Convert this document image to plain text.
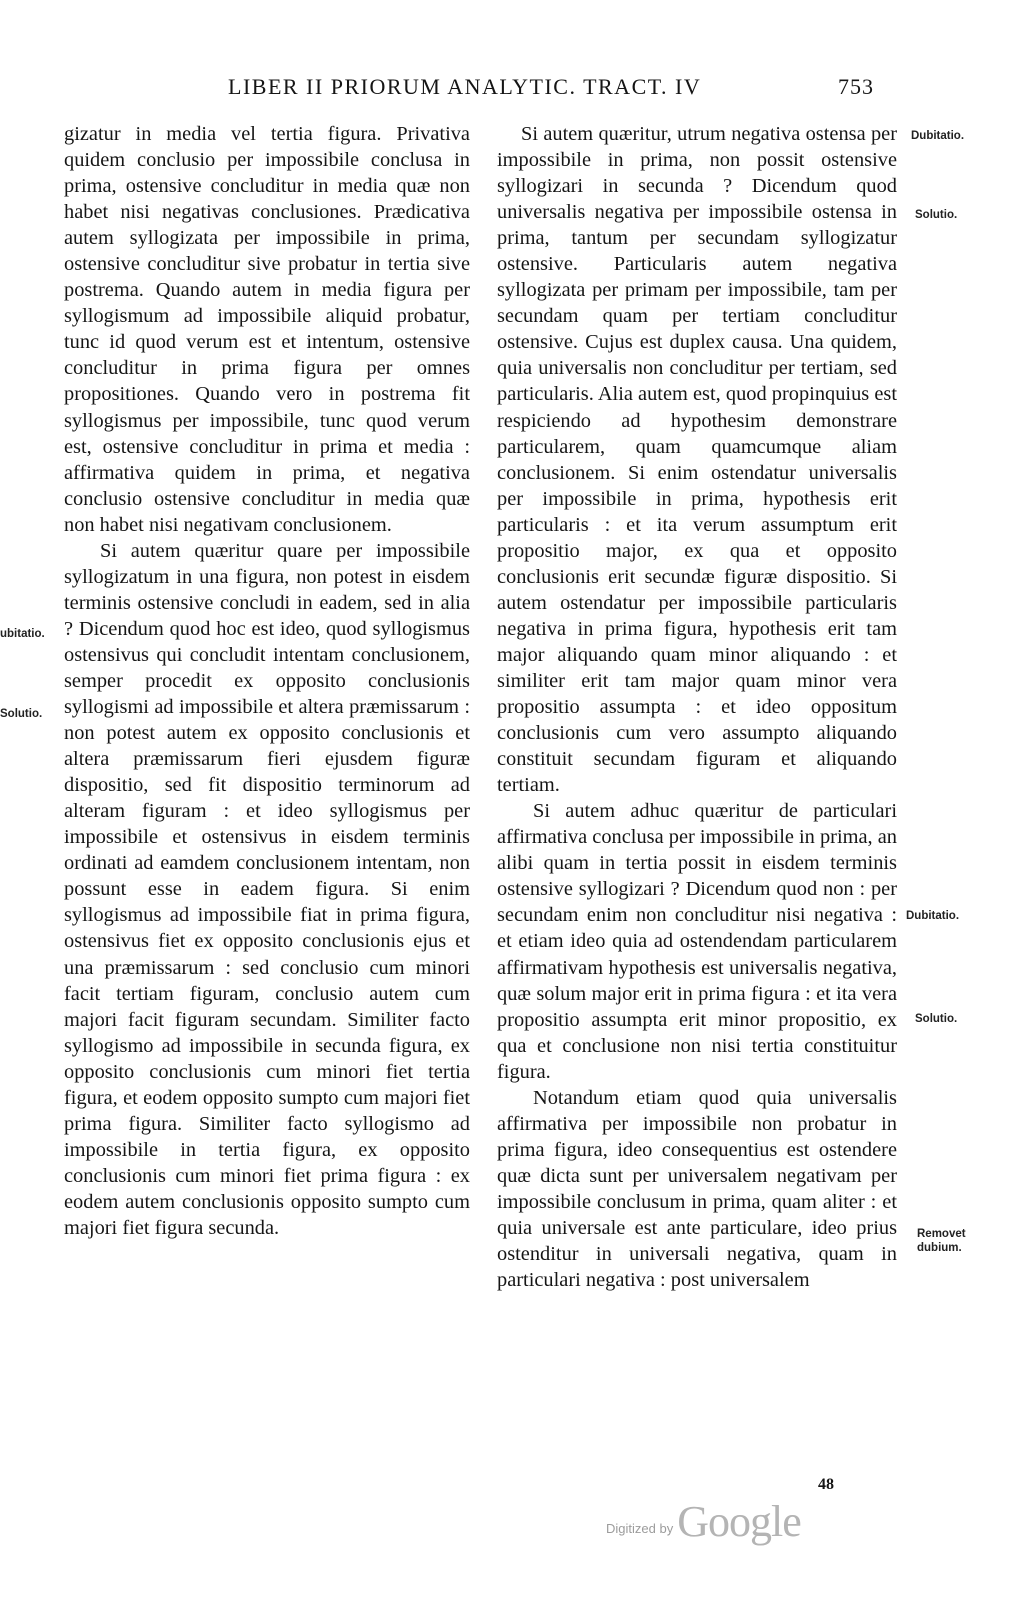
LIBER II PRIORUM ANALYTIC. TRACT. IV	753

gizatur in media vel tertia figura. Privativa quidem conclusio per impossibile conclusa in prima, ostensive concluditur in media quæ non habet nisi negativas conclusiones. Prædicativa autem syllogizata per impossibile in prima, ostensive concluditur sive probatur in tertia sive postrema. Quando autem in media figura per syllogismum ad impossibile aliquid probatur, tunc id quod verum est et intentum, ostensive concluditur in prima figura per omnes propositiones. Quando vero in postrema fit syllogismus per impossibile, tunc quod verum est, ostensive concluditur in prima et media : affirmativa quidem in prima, et negativa conclusio ostensive concluditur in media quæ non habet nisi negativam conclusionem.

Si autem quæritur quare per impossibile syllogizatum in una figura, non potest in eisdem terminis ostensive concludi in eadem, sed in alia ? Dicendum quod hoc est ideo, quod syllogismus ostensivus qui concludit intentam conclusionem, semper procedit ex opposito conclusionis syllogismi ad impossibile et altera præmissarum : non potest autem ex opposito conclusionis et altera præmissarum fieri ejusdem figuræ dispositio, sed fit dispositio terminorum ad alteram figuram : et ideo syllogismus per impossibile et ostensivus in eisdem terminis ordinati ad eamdem conclusionem intentam, non possunt esse in eadem figura. Si enim syllogismus ad impossibile fiat in prima figura, ostensivus fiet ex opposito conclusionis ejus et una præmissarum : sed conclusio cum minori facit tertiam figuram, conclusio autem cum majori facit figuram secundam. Similiter facto syllogismo ad impossibile in secunda figura, ex opposito conclusionis cum minori fiet tertia figura, et eodem opposito sumpto cum majori fiet prima figura. Similiter facto syllogismo ad impossibile in tertia figura, ex opposito conclusionis cum minori fiet prima figura : ex eodem autem conclusionis opposito sumpto cum majori fiet figura secunda.

Si autem quæritur, utrum negativa ostensa per impossibile in prima, non possit ostensive syllogizari in secunda ? Dicendum quod universalis negativa per impossibile ostensa in prima, tantum per secundam syllogizatur ostensive. Particularis autem negativa syllogizata per primam per impossibile, tam per secundam quam per tertiam concluditur ostensive. Cujus est duplex causa. Una quidem, quia universalis non concluditur per tertiam, sed particularis. Alia autem est, quod propinquius est respiciendo ad hypothesim demonstrare particularem, quam quamcumque aliam conclusionem. Si enim ostendatur universalis per impossibile in prima, hypothesis erit particularis : et ita verum assumptum erit propositio major, ex qua et opposito conclusionis erit secundæ figuræ dispositio. Si autem ostendatur per impossibile particularis negativa in prima figura, hypothesis erit tam major aliquando quam minor aliquando : et similiter erit tam major quam minor vera propositio assumpta : et ideo oppositum conclusionis cum vero assumpto aliquando constituit secundam figuram et aliquando tertiam.

Si autem adhuc quæritur de particulari affirmativa conclusa per impossibile in prima, an alibi quam in tertia possit in eisdem terminis ostensive syllogizari ? Dicendum quod non : per secundam enim non concluditur nisi negativa : et etiam ideo quia ad ostendendam particularem affirmativam hypothesis est universalis negativa, quæ solum major erit in prima figura : et ita vera propositio assumpta erit minor propositio, ex qua et conclusione non nisi tertia constituitur figura.

Notandum etiam quod quia universalis affirmativa per impossibile non probatur in prima figura, ideo consequentius est ostendere quæ dicta sunt per universalem negativam per impossibile conclusum in prima, quam aliter : et quia universale est ante particulare, ideo prius ostenditur in universali negativa, quam in particulari negativa : post universalem

ubitatio.
Solutio.
Dubitatio.
Solutio.
Dubitatio.
Solutio.
Removet
dubium.
48
Digitized by Google
